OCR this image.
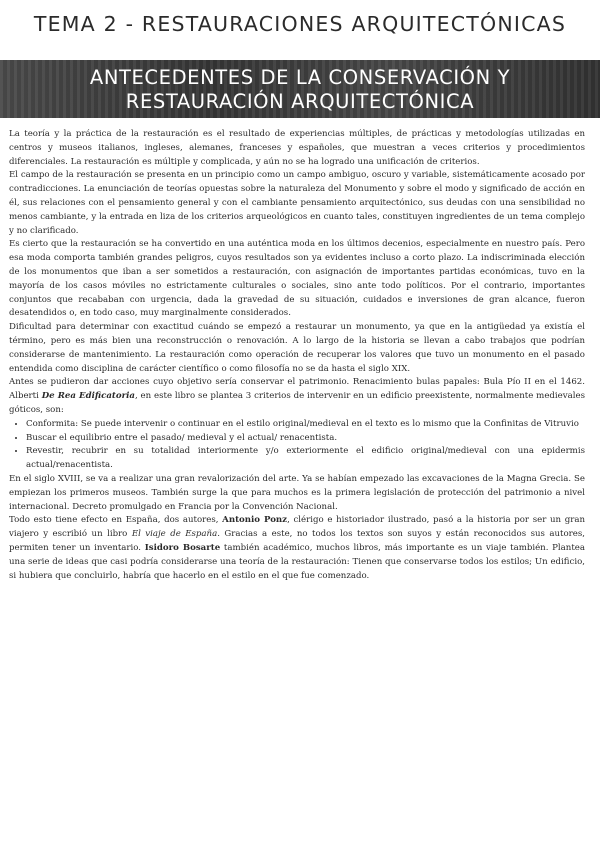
TEMA 2 - RESTAURACIONES ARQUITECTÓNICAS
ANTECEDENTES DE LA CONSERVACIÓN Y
RESTAURACIÓN ARQUITECTÓNICA

La teoría y la práctica de la restauración es el resultado de experiencias múltiples, de prácticas y metodologías utilizadas en centros y museos italianos, ingleses, alemanes, franceses y españoles, que muestran a veces criterios y procedimientos diferenciales. La restauración es múltiple y complicada, y aún no se ha logrado una unificación de criterios.

El campo de la restauración se presenta en un principio como un campo ambiguo, oscuro y variable, sistemáticamente acosado por contradicciones. La enunciación de teorías opuestas sobre la naturaleza del Monumento y sobre el modo y significado de acción en él, sus relaciones con el pensamiento general y con el cambiante pensamiento arquitectónico, sus deudas con una sensibilidad no menos cambiante, y la entrada en liza de los criterios arqueológicos en cuanto tales, constituyen ingredientes de un tema complejo y no clarificado.

Es cierto que la restauración se ha convertido en una auténtica moda en los últimos decenios, especialmente en nuestro país. Pero esa moda comporta también grandes peligros, cuyos resultados son ya evidentes incluso a corto plazo. La indiscriminada elección de los monumentos que iban a ser sometidos a restauración, con asignación de importantes partidas económicas, tuvo en la mayoría de los casos móviles no estrictamente culturales o sociales, sino ante todo políticos. Por el contrario, importantes conjuntos que recababan con urgencia, dada la gravedad de su situación, cuidados e inversiones de gran alcance, fueron desatendidos o, en todo caso, muy marginalmente considerados.

Dificultad para determinar con exactitud cuándo se empezó a restaurar un monumento, ya que en la antigüedad ya existía el término, pero es más bien una reconstrucción o renovación. A lo largo de la historia se llevan a cabo trabajos que podrían considerarse de mantenimiento. La restauración como operación de recuperar los valores que tuvo un monumento en el pasado entendida como disciplina de carácter científico o como filosofía no se da hasta el siglo XIX.

Antes se pudieron dar acciones cuyo objetivo sería conservar el patrimonio. Renacimiento bulas papales: Bula Pío II en el 1462. Alberti De Rea Edificatoria, en este libro se plantea 3 criterios de intervenir en un edificio preexistente, normalmente medievales góticos, son:

• Conformita: Se puede intervenir o continuar en el estilo original/medieval en el texto es lo mismo que la Confinitas de Vitruvio
• Buscar el equilibrio entre el pasado/ medieval y el actual/ renacentista.
• Revestir, recubrir en su totalidad interiormente y/o exteriormente el edificio original/medieval con una epidermis actual/renacentista.

En el siglo XVIII, se va a realizar una gran revalorización del arte. Ya se habían empezado las excavaciones de la Magna Grecia. Se empiezan los primeros museos. También surge la que para muchos es la primera legislación de protección del patrimonio a nivel internacional. Decreto promulgado en Francia por la Convención Nacional.

Todo esto tiene efecto en España, dos autores, Antonio Ponz, clérigo e historiador ilustrado, pasó a la historia por ser un gran viajero y escribió un libro El viaje de España. Gracias a este, no todos los textos son suyos y están reconocidos sus autores, permiten tener un inventario. Isidoro Bosarte también académico, muchos libros, más importante es un viaje también. Plantea una serie de ideas que casi podría considerarse una teoría de la restauración: Tienen que conservarse todos los estilos; Un edificio, si hubiera que concluirlo, habría que hacerlo en el estilo en el que fue comenzado.
